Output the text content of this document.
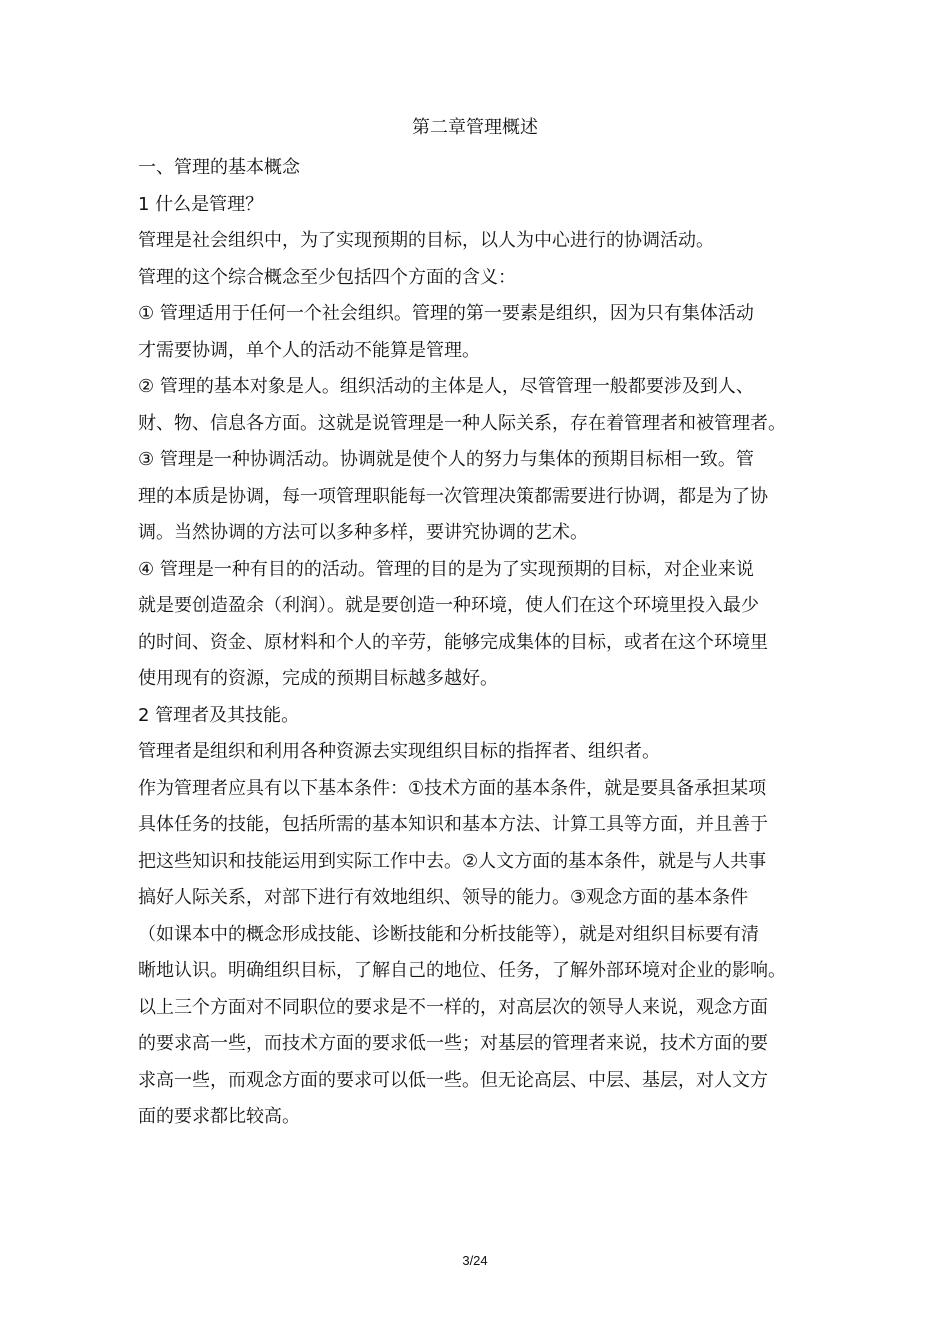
第二章管理概述
一、管理的基本概念
1 什么是管理？
管理是社会组织中，为了实现预期的目标，以人为中心进行的协调活动。
管理的这个综合概念至少包括四个方面的含义：
① 管理适用于任何一个社会组织。管理的第一要素是组织，因为只有集体活动
才需要协调，单个人的活动不能算是管理。
② 管理的基本对象是人。组织活动的主体是人，尽管管理一般都要涉及到人、
财、物、信息各方面。这就是说管理是一种人际关系，存在着管理者和被管理者。
③ 管理是一种协调活动。协调就是使个人的努力与集体的预期目标相一致。管
理的本质是协调，每一项管理职能每一次管理决策都需要进行协调，都是为了协
调。当然协调的方法可以多种多样，要讲究协调的艺术。
④ 管理是一种有目的的活动。管理的目的是为了实现预期的目标，对企业来说
就是要创造盈余（利润）。就是要创造一种环境，使人们在这个环境里投入最少
的时间、资金、原材料和个人的辛劳，能够完成集体的目标，或者在这个环境里
使用现有的资源，完成的预期目标越多越好。
2 管理者及其技能。
管理者是组织和利用各种资源去实现组织目标的指挥者、组织者。
作为管理者应具有以下基本条件：①技术方面的基本条件，就是要具备承担某项
具体任务的技能，包括所需的基本知识和基本方法、计算工具等方面，并且善于
把这些知识和技能运用到实际工作中去。②人文方面的基本条件，就是与人共事
搞好人际关系，对部下进行有效地组织、领导的能力。③观念方面的基本条件
（如课本中的概念形成技能、诊断技能和分析技能等），就是对组织目标要有清
晰地认识。明确组织目标，了解自己的地位、任务，了解外部环境对企业的影响。
以上三个方面对不同职位的要求是不一样的，对高层次的领导人来说，观念方面
的要求高一些，而技术方面的要求低一些；对基层的管理者来说，技术方面的要
求高一些，而观念方面的要求可以低一些。但无论高层、中层、基层，对人文方
面的要求都比较高。
3/24
